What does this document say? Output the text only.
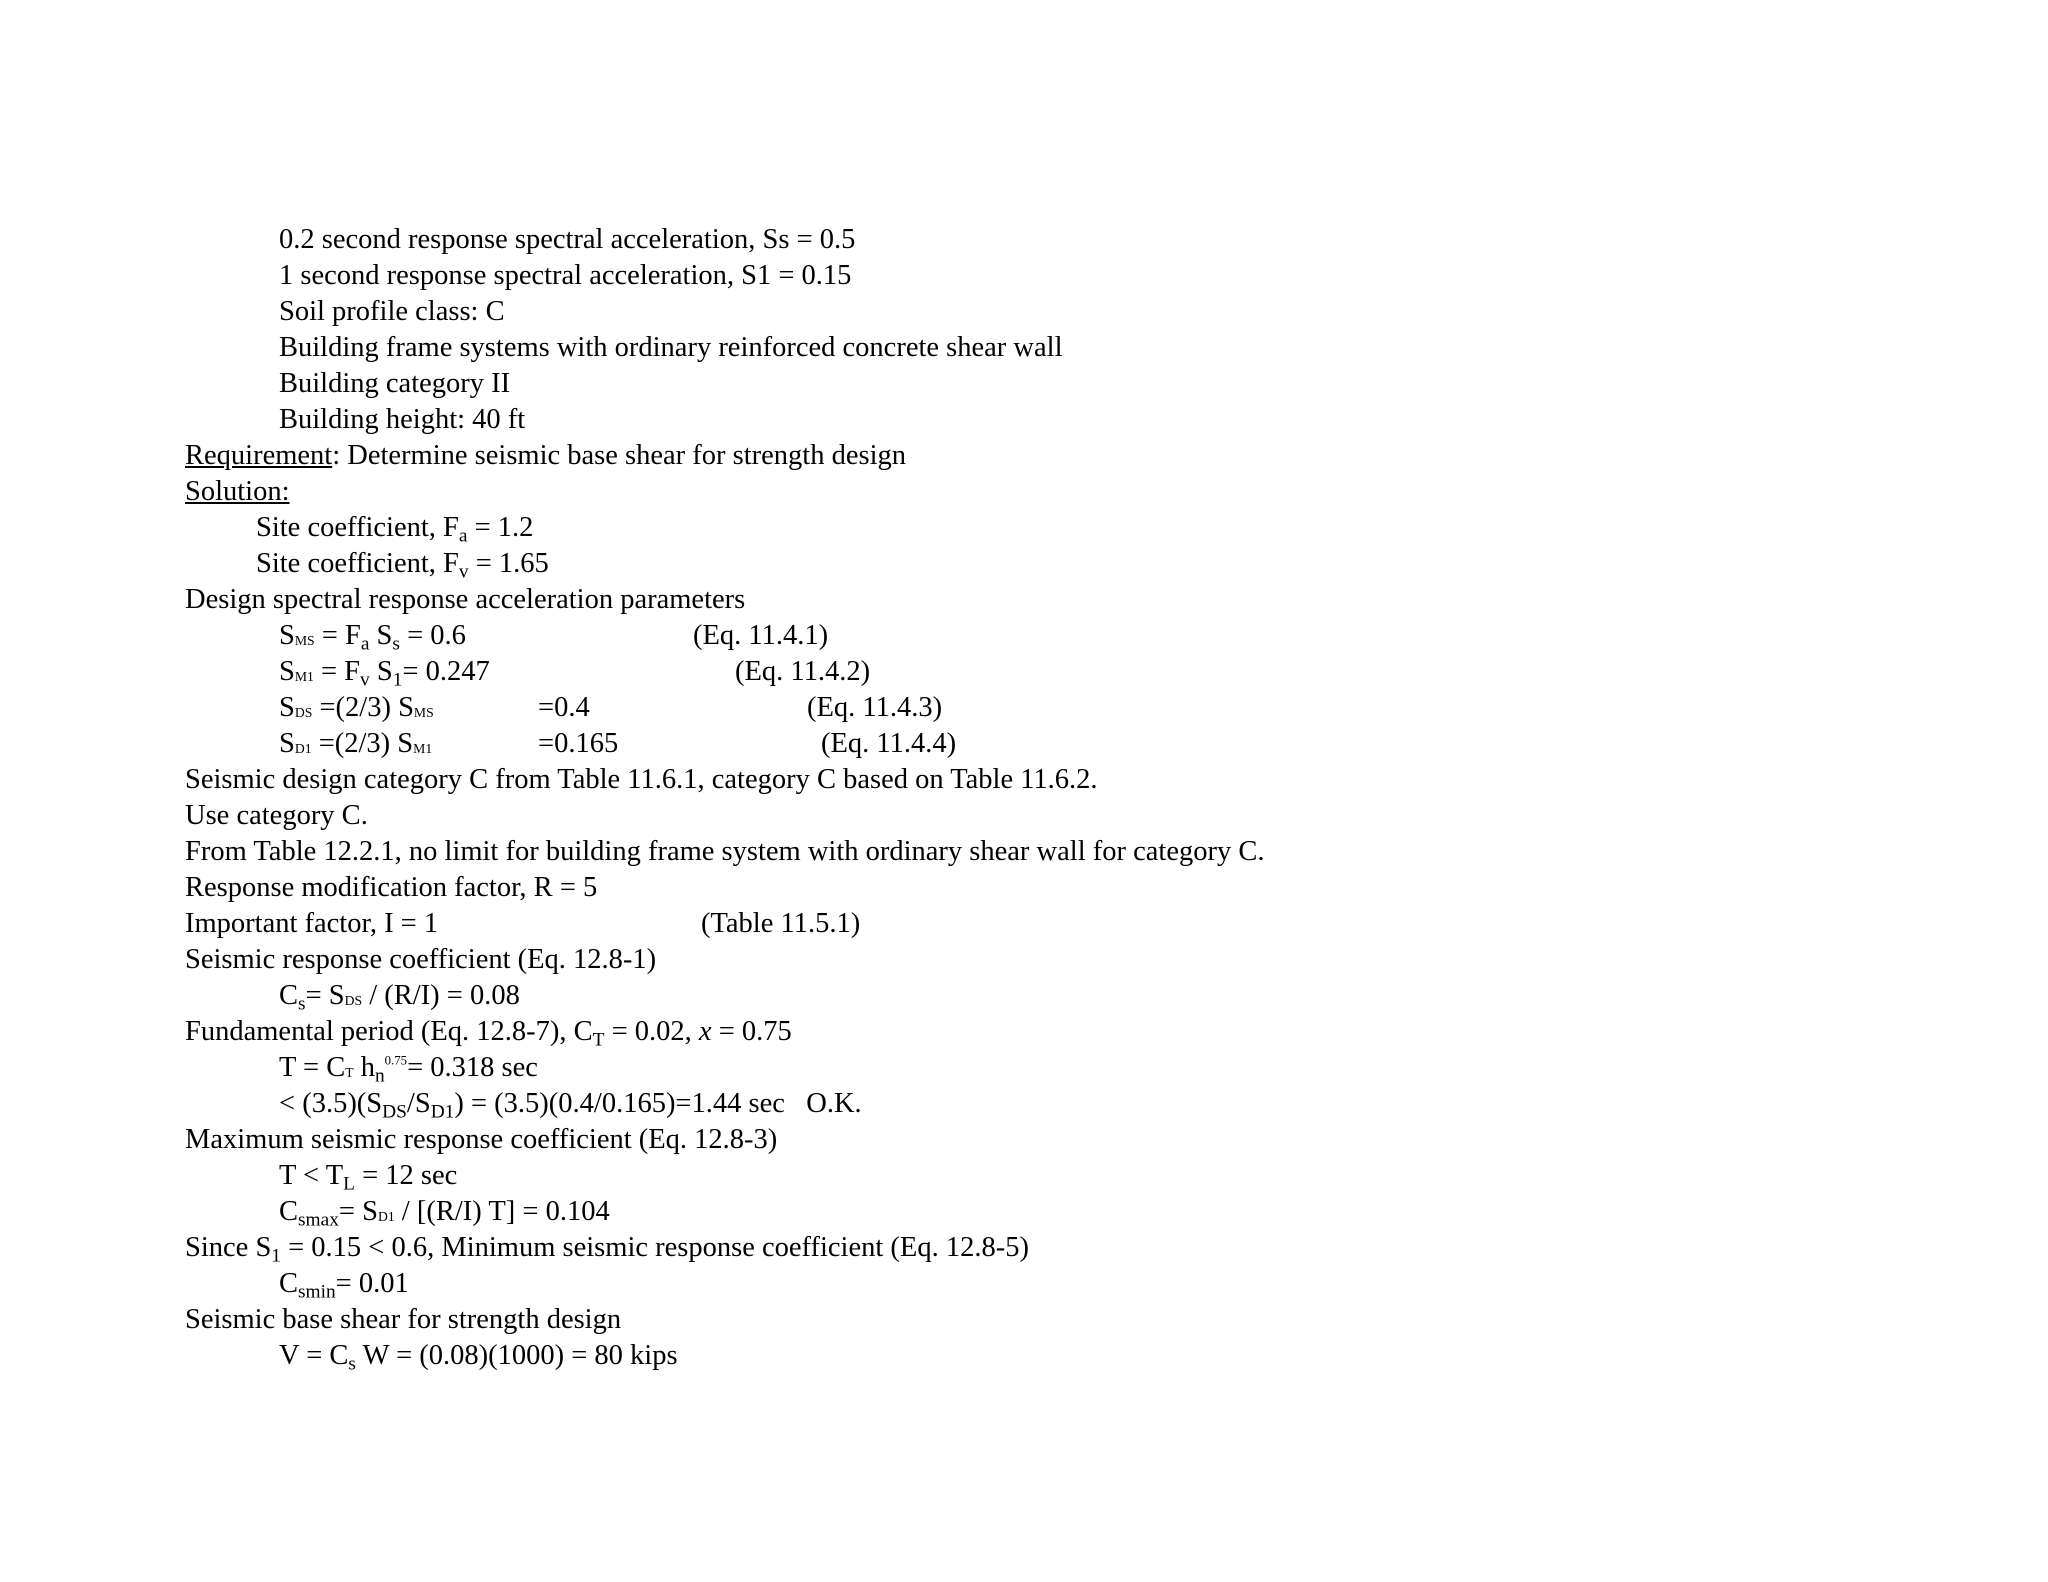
0.2 second response spectral acceleration, Ss = 0.5
1 second response spectral acceleration, S1 = 0.15
Soil profile class: C
Building frame systems with ordinary reinforced concrete shear wall
Building category II
Building height: 40 ft
Requirement: Determine seismic base shear for strength design
Solution:
Site coefficient, $F_a = 1.2$
Site coefficient, $F_v = 1.65$
Design spectral response acceleration parameters
SMS = $F_a$ $S_s = 0.6$	(Eq. 11.4.1)
$SM1 = F_v$ $S_1= 0.247$	(Eq. 11.4.2)
SDS =(2/3) SMS	=0.4	(Eq. 11.4.3)
SD1 =(2/3) SM1	=0.165	(Eq. 11.4.4)
Seismic design category C from Table 11.6.1, category C based on Table 11.6.2.
Use category C.
From Table 12.2.1, no limit for building frame system with ordinary shear wall for category C.
Response modification factor, R = 5
Important factor, I = 1	(Table 11.5.1)
Seismic response coefficient (Eq. 12.8-1)
$C_s=$ SDS / (R/I) = 0.08
Fundamental period (Eq. 12.8-7), $C_T = 0.02$, x = 0.75
T = CT $h_n^{0.75}= 0.318$ sec
< $(3.5)(S_{DS}/S_{D1}) = (3.5)(0.4/0.165)=1.44$ sec   O.K.
Maximum seismic response coefficient (Eq. 12.8-3)
$T < T_L = 12$ sec
$C_{smax}= SD1 / [(R/I) T] = 0.104$
Since $S_1 = 0.15 < 0.6$, Minimum seismic response coefficient (Eq. 12.8-5)
$C_{smin}= 0.01$
Seismic base shear for strength design
$V = C_s$ W = (0.08)(1000) = 80 kips
